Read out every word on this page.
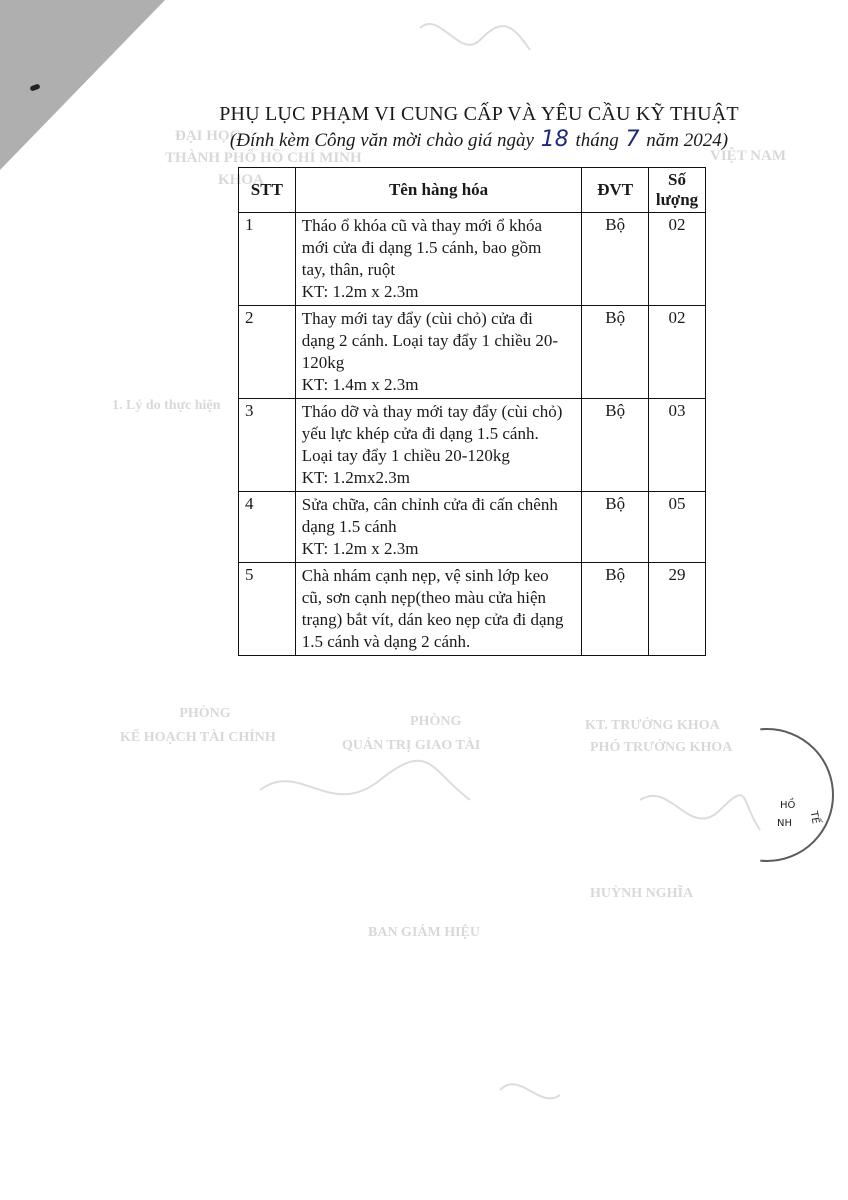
ĐẠI HỌC
THÀNH PHỐ HỒ CHÍ MINH
KHOA
VIỆT NAM
1. Lý do thực hiện
PHÒNG
KẾ HOẠCH TÀI CHÍNH
PHÒNG
QUẢN TRỊ GIAO TÀI
KT. TRƯỞNG KHOA
PHÓ TRƯỞNG KHOA
HUỲNH NGHĨA
BAN GIÁM HIỆU
PHỤ LỤC PHẠM VI CUNG CẤP VÀ YÊU CẦU KỸ THUẬT
(Đính kèm Công văn mời chào giá ngày 18 tháng 7 năm 2024)
STT	Tên hàng hóa	ĐVT	Số
lượng
1	Tháo ổ khóa cũ và thay mới ổ khóa
mới cửa đi dạng 1.5 cánh, bao gồm
tay, thân, ruột
KT: 1.2m x 2.3m	Bộ	02
2	Thay mới tay đẩy (cùi chỏ) cửa đi
dạng 2 cánh. Loại tay đẩy 1 chiều 20-
120kg
KT: 1.4m x 2.3m	Bộ	02
3	Tháo dỡ và thay mới tay đẩy (cùi chỏ)
yếu lực khép cửa đi dạng 1.5 cánh.
Loại tay đẩy 1 chiều 20-120kg
KT: 1.2mx2.3m	Bộ	03
4	Sửa chữa, cân chỉnh cửa đi cấn chênh
dạng 1.5 cánh
KT: 1.2m x 2.3m	Bộ	05
5	Chà nhám cạnh nẹp, vệ sinh lớp keo
cũ, sơn cạnh nẹp(theo màu cửa hiện
trạng) bắt vít, dán keo nẹp cửa đi dạng
1.5 cánh và dạng 2 cánh.	Bộ	29
HỒ
NH TẾ
